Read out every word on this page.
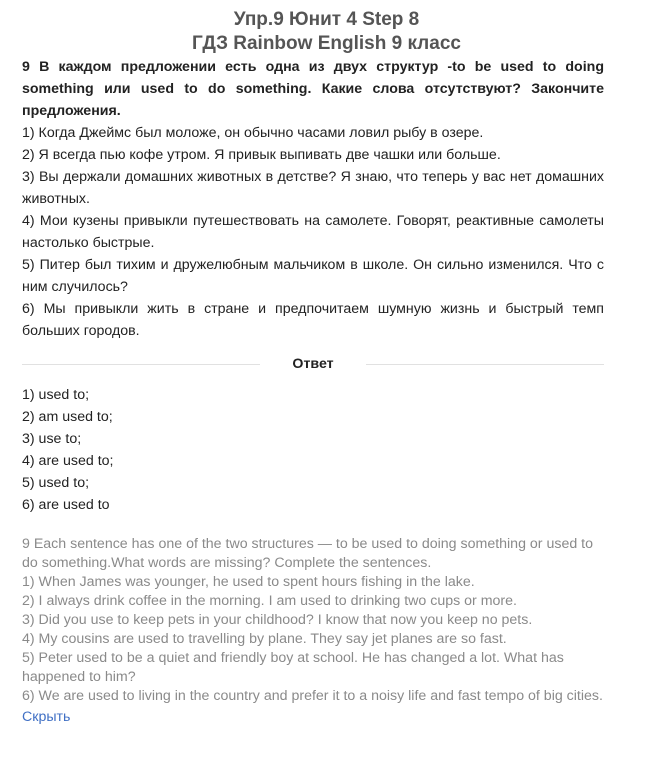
Упр.9 Юнит 4 Step 8
ГДЗ Rainbow English 9 класс

9 В каждом предложении есть одна из двух структур -to be used to doing something или used to do something. Какие слова отсутствуют? Закончите предложения.

1) Когда Джеймс был моложе, он обычно часами ловил рыбу в озере.

2) Я всегда пью кофе утром. Я привык выпивать две чашки или больше.

3) Вы держали домашних животных в детстве? Я знаю, что теперь у вас нет домашних животных.

4) Мои кузены привыкли путешествовать на самолете. Говорят, реактивные самолеты настолько быстрые.

5) Питер был тихим и дружелюбным мальчиком в школе. Он сильно изменился. Что с ним случилось?

6) Мы привыкли жить в стране и предпочитаем шумную жизнь и быстрый темп больших городов.

Ответ
1) used to;
2) am used to;
3) use to;
4) are used to;
5) used to;
6) are used to

9 Each sentence has one of the two structures — to be used to doing something or used to do something.What words are missing? Complete the sentences.

1) When James was younger, he used to spent hours fishing in the lake.

2) I always drink coffee in the morning. I am used to drinking two cups or more.

3) Did you use to keep pets in your childhood? I know that now you keep no pets.

4) My cousins are used to travelling by plane. They say jet planes are so fast.

5) Peter used to be a quiet and friendly boy at school. He has changed a lot. What has happened to him?

6) We are used to living in the country and prefer it to a noisy life and fast tempo of big cities.

Скрыть
